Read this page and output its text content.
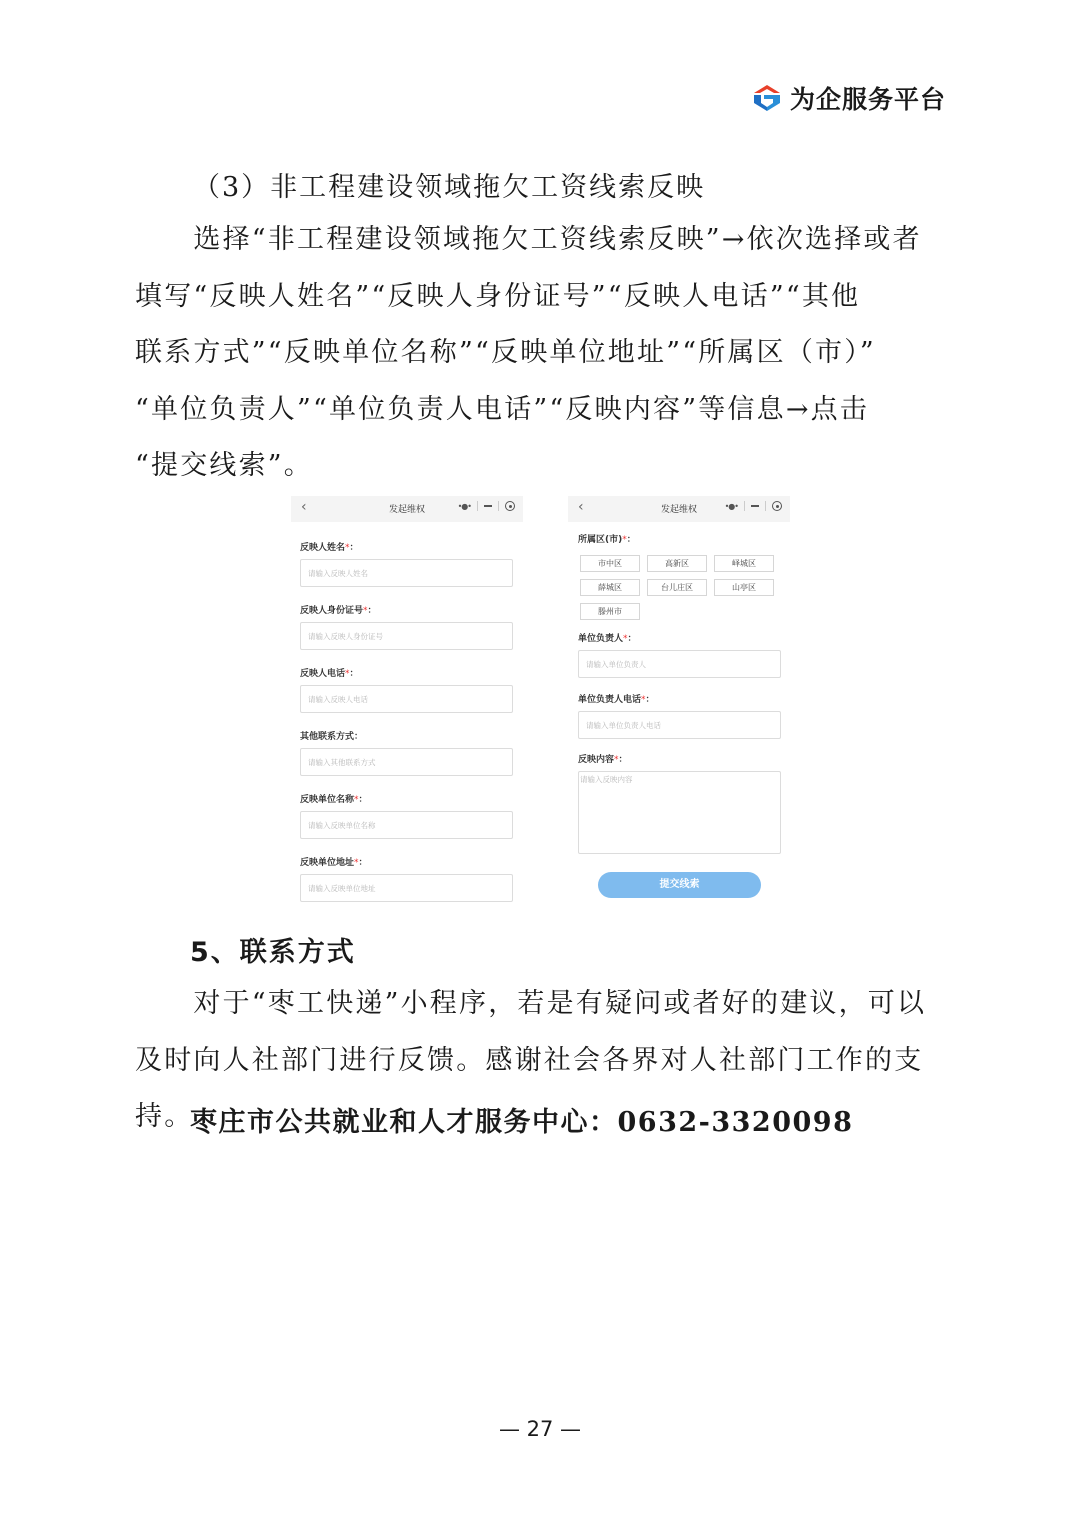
为企服务平台
（3）非工程建设领域拖欠工资线索反映
　　选择“非工程建设领域拖欠工资线索反映”→依次选择或者
填写“反映人姓名”“反映人身份证号”“反映人电话”“其他
联系方式”“反映单位名称”“反映单位地址”“所属区（市）”
“单位负责人”“单位负责人电话”“反映内容”等信息→点击
“提交线索”。
‹	发起维权	•●•
反映人姓名*：
请输入反映人姓名
反映人身份证号*：
请输入反映人身份证号
反映人电话*：
请输入反映人电话
其他联系方式：
请输入其他联系方式
反映单位名称*：
请输入反映单位名称
反映单位地址*：
请输入反映单位地址
‹	发起维权	•●•
所属区(市)*：
市中区	高新区	峄城区
薛城区	台儿庄区	山亭区
滕州市
单位负责人*：
请输入单位负责人
单位负责人电话*：
请输入单位负责人电话
反映内容*：
请输入反映内容
提交线索
5、联系方式
　　对于“枣工快递”小程序，若是有疑问或者好的建议，可以
及时向人社部门进行反馈。感谢社会各界对人社部门工作的支持。
枣庄市公共就业和人才服务中心：0632-3320098
— 27 —
